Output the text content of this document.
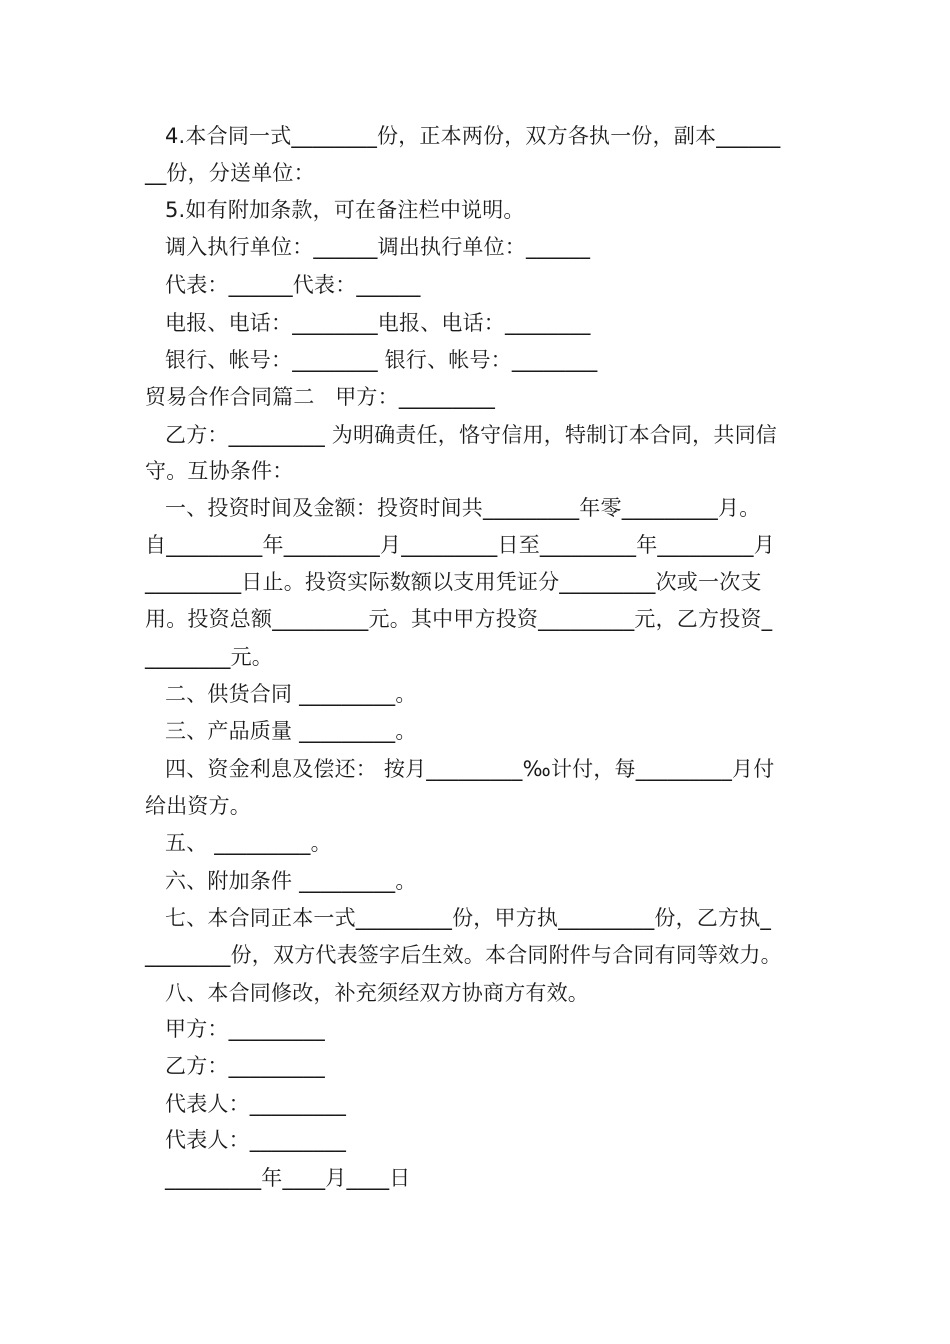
4.本合同一式________份，正本两份，双方各执一份，副本______
__份，分送单位：
5.如有附加条款，可在备注栏中说明。
调入执行单位：______调出执行单位：______
代表：______代表：______
电报、电话：________电报、电话：________
银行、帐号：________ 银行、帐号：________
贸易合作合同篇二   甲方：_________
乙方：_________ 为明确责任，恪守信用，特制订本合同，共同信
守。互协条件：
一、投资时间及金额：投资时间共_________年零_________月。
自_________年_________月_________日至_________年_________月
_________日止。投资实际数额以支用凭证分_________次或一次支
用。投资总额_________元。其中甲方投资_________元，乙方投资_
________元。
二、供货合同 _________。
三、产品质量 _________。
四、资金利息及偿还： 按月_________‰计付，每_________月付
给出资方。
五、 _________。
六、附加条件 _________。
七、本合同正本一式_________份，甲方执_________份，乙方执_
________份，双方代表签字后生效。本合同附件与合同有同等效力。
八、本合同修改，补充须经双方协商方有效。
甲方：_________
乙方：_________
代表人：_________
代表人：_________
_________年____月____日
